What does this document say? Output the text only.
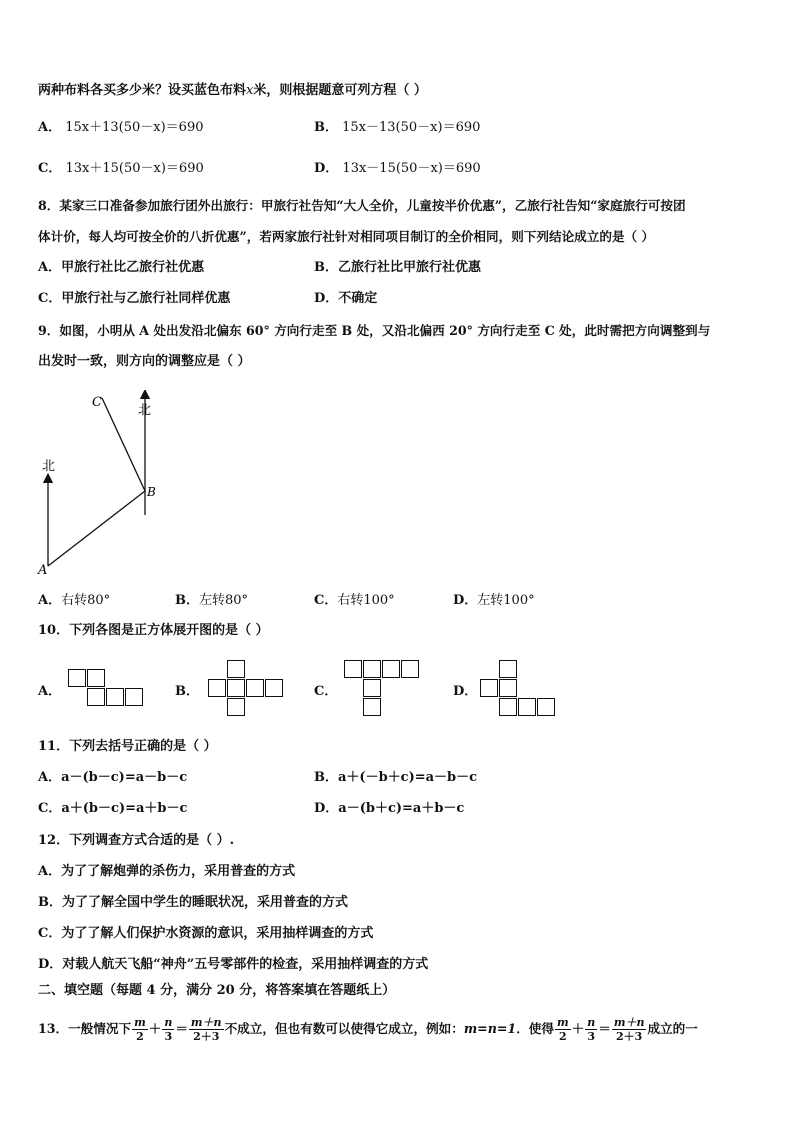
两种布料各买多少米？设买蓝色布料x米，则根据题意可列方程（ ）
A． 15x＋13(50－x)＝690	B． 15x－13(50－x)＝690
C． 13x＋15(50－x)＝690	D． 13x－15(50－x)＝690
8．某家三口准备参加旅行团外出旅行：甲旅行社告知“大人全价，儿童按半价优惠”，乙旅行社告知“家庭旅行可按团
体计价，每人均可按全价的八折优惠”，若两家旅行社针对相同项目制订的全价相同，则下列结论成立的是（ ）
A．甲旅行社比乙旅行社优惠	B．乙旅行社比甲旅行社优惠
C．甲旅行社与乙旅行社同样优惠	D．不确定
9．如图，小明从 A 处出发沿北偏东 60° 方向行走至 B 处，又沿北偏西 20° 方向行走至 C 处，此时需把方向调整到与
出发时一致，则方向的调整应是（ ）
北
北
C
B
A
A．右转80°	B．左转80°	C．右转100°	D．左转100°
10．下列各图是正方体展开图的是（ ）
A．	B．	C．	D．
11．下列去括号正确的是（ ）
A．a－(b－c)=a－b－c	B．a＋(－b＋c)=a－b－c
C．a＋(b－c)=a＋b－c	D．a－(b＋c)=a＋b－c
12．下列调查方式合适的是（ ）.
A．为了了解炮弹的杀伤力，采用普查的方式
B．为了了解全国中学生的睡眠状况，采用普查的方式
C．为了了解人们保护水资源的意识，采用抽样调查的方式
D．对载人航天飞船“神舟”五号零部件的检查，采用抽样调查的方式
二、填空题（每题 4 分，满分 20 分，将答案填在答题纸上）
13．一般情况下 $\frac{m}{2} + \frac{n}{3} = \frac{m+n}{2+3}$ 不成立，但也有数可以使得它成立，例如：m=n=1．使得 $\frac{m}{2} + \frac{n}{3} = \frac{m+n}{2+3}$ 成立的一
